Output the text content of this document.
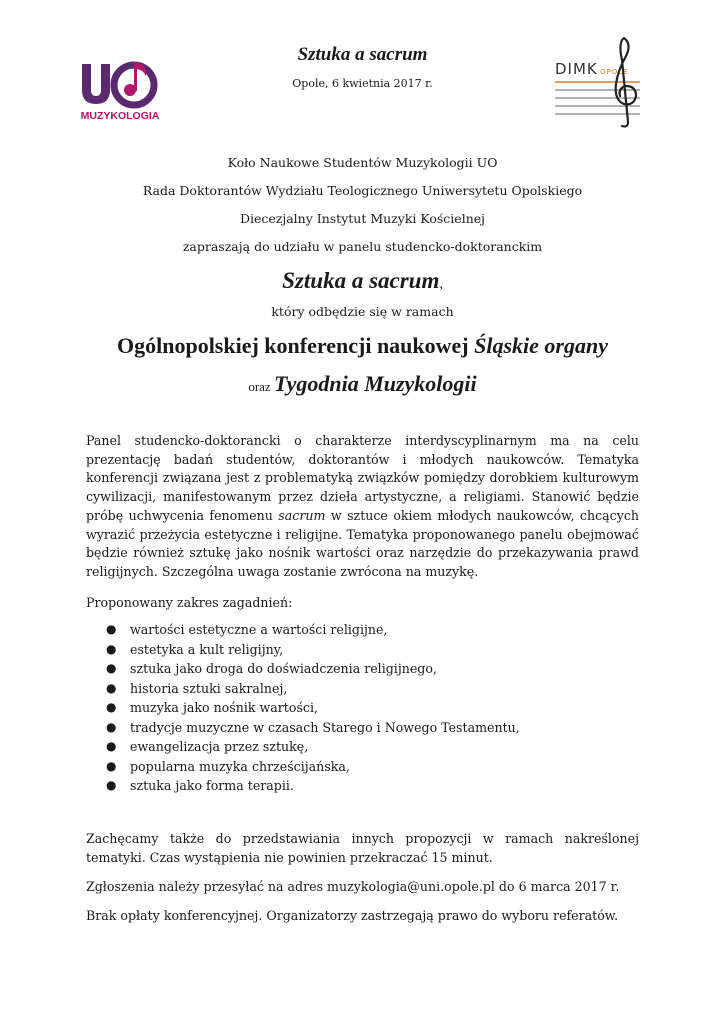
Sztuka a sacrum
Opole, 6 kwietnia 2017 r.
MUZYKOLOGIA
DIMK OPOLE
Koło Naukowe Studentów Muzykologii UO
Rada Doktorantów Wydziału Teologicznego Uniwersytetu Opolskiego
Diecezjalny Instytut Muzyki Kościelnej
zapraszają do udziału w panelu studencko-doktoranckim
Sztuka a sacrum,
który odbędzie się w ramach
Ogólnopolskiej konferencji naukowej Śląskie organy
oraz Tygodnia Muzykologii
Panel studencko-doktorancki o charakterze interdyscyplinarnym ma na celu prezentację badań studentów, doktorantów i młodych naukowców. Tematyka konferencji związana jest z problematyką związków pomiędzy dorobkiem kulturowym cywilizacji, manifestowanym przez dzieła artystyczne, a religiami. Stanowić będzie próbę uchwycenia fenomenu sacrum w sztuce okiem młodych naukowców, chcących wyrazić przeżycia estetyczne i religijne. Tematyka proponowanego panelu obejmować będzie również sztukę jako nośnik wartości oraz narzędzie do przekazywania prawd religijnych. Szczególna uwaga zostanie zwrócona na muzykę.
Proponowany zakres zagadnień:
● wartości estetyczne a wartości religijne,
● estetyka a kult religijny,
● sztuka jako droga do doświadczenia religijnego,
● historia sztuki sakralnej,
● muzyka jako nośnik wartości,
● tradycje muzyczne w czasach Starego i Nowego Testamentu,
● ewangelizacja przez sztukę,
● popularna muzyka chrześcijańska,
● sztuka jako forma terapii.
Zachęcamy także do przedstawiania innych propozycji w ramach nakreślonej tematyki. Czas wystąpienia nie powinien przekraczać 15 minut.
Zgłoszenia należy przesyłać na adres muzykologia@uni.opole.pl do 6 marca 2017 r.
Brak opłaty konferencyjnej. Organizatorzy zastrzegają prawo do wyboru referatów.
